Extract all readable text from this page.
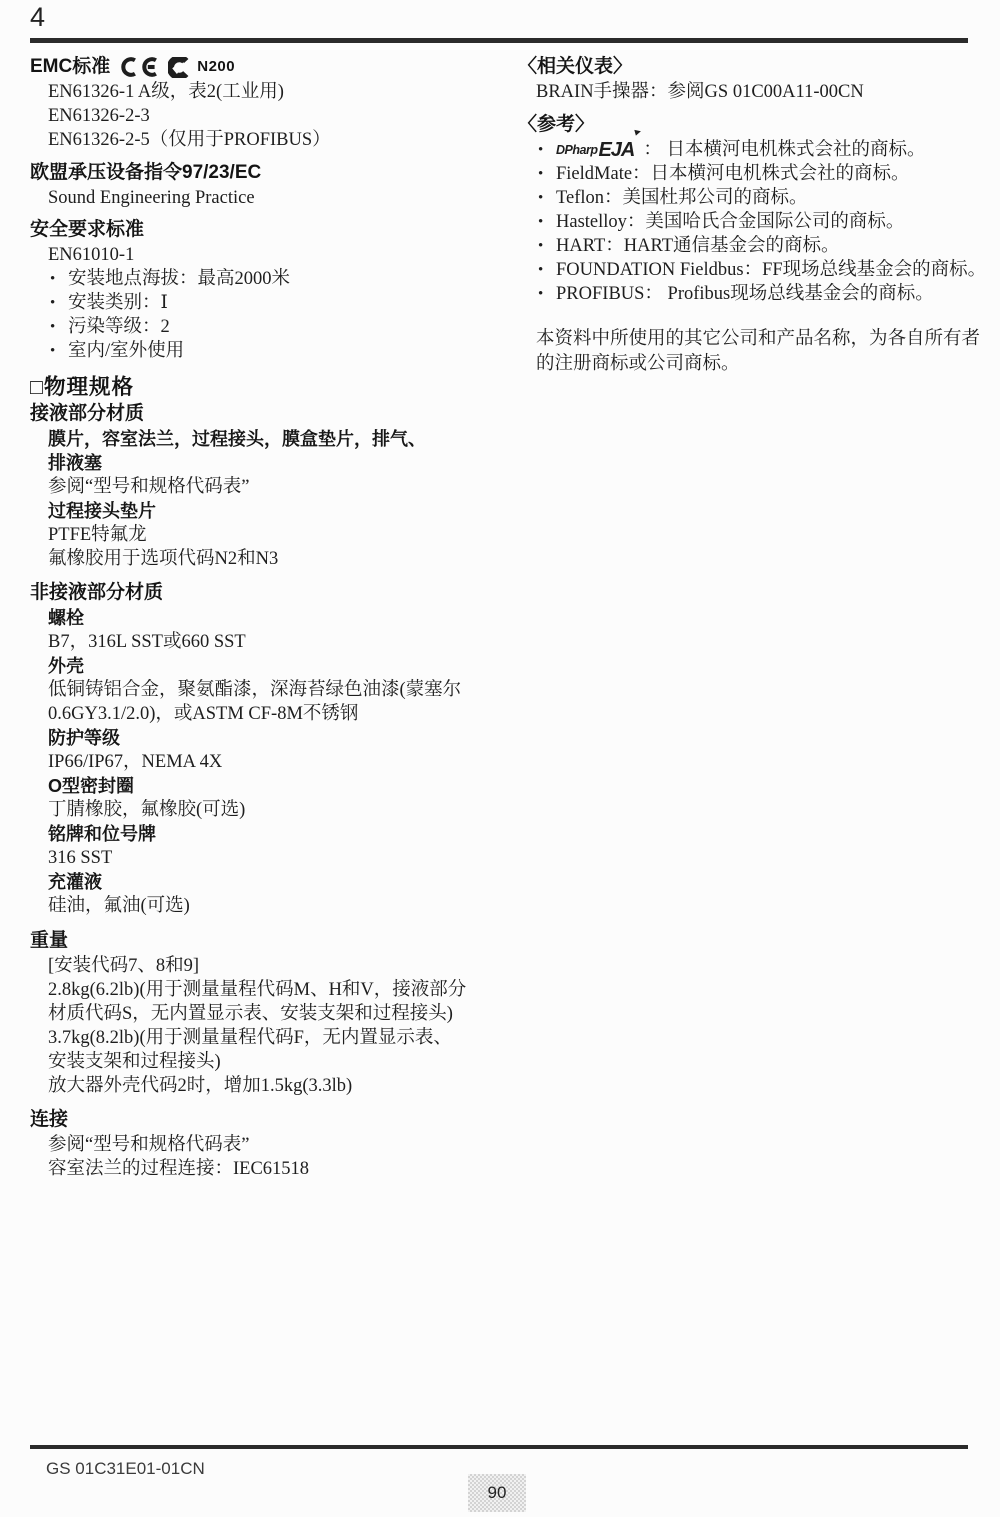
4
EMC标准	N200
EN61326-1 A级，表2(工业用)
EN61326-2-3
EN61326-2-5（仅用于PROFIBUS）
欧盟承压设备指令97/23/EC
Sound Engineering Practice
安全要求标准
EN61010-1
• 安装地点海拔：最高2000米
• 安装类别：Ⅰ
• 污染等级：2
• 室内/室外使用
□物理规格
接液部分材质
膜片，容室法兰，过程接头，膜盒垫片，排气、
排液塞
参阅“型号和规格代码表”
过程接头垫片
PTFE特氟龙
氟橡胶用于选项代码N2和N3
非接液部分材质
螺栓
B7，316L SST或660 SST
外壳
低铜铸铝合金，聚氨酯漆，深海苔绿色油漆(蒙塞尔
0.6GY3.1/2.0)，或ASTM CF-8M不锈钢
防护等级
IP66/IP67，NEMA 4X
O型密封圈
丁腈橡胶，氟橡胶(可选)
铭牌和位号牌
316 SST
充灌液
硅油，氟油(可选)
重量
[安装代码7、8和9]
2.8kg(6.2lb)(用于测量量程代码M、H和V，接液部分
材质代码S，无内置显示表、安装支架和过程接头)
3.7kg(8.2lb)(用于测量量程代码F，无内置显示表、
安装支架和过程接头)
放大器外壳代码2时，增加1.5kg(3.3lb)
连接
参阅“型号和规格代码表”
容室法兰的过程连接：IEC61518
〈相关仪表〉
BRAIN手操器：参阅GS 01C00A11-00CN
〈参考〉
•	DPharp EJA ： 日本横河电机株式会社的商标。
• FieldMate：日本横河电机株式会社的商标。
• Teflon：美国杜邦公司的商标。
• Hastelloy：美国哈氏合金国际公司的商标。
• HART：HART通信基金会的商标。
• FOUNDATION Fieldbus：FF现场总线基金会的商标。
• PROFIBUS： Profibus现场总线基金会的商标。
本资料中所使用的其它公司和产品名称，为各自所有者的注册商标或公司商标。
GS 01C31E01-01CN
90
